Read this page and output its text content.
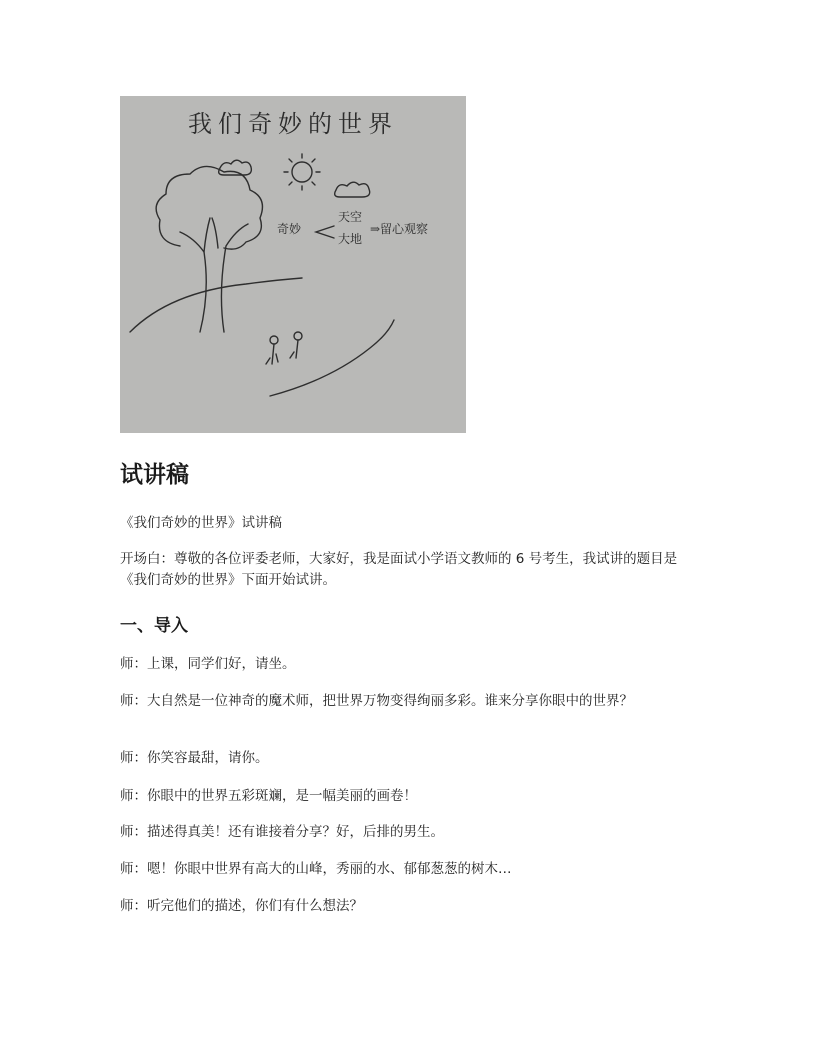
我们奇妙的世界
奇妙
天空
大地
⇒留心观察
试讲稿

《我们奇妙的世界》试讲稿

开场白：尊敬的各位评委老师，大家好，我是面试小学语文教师的 6 号考生，我试讲的题目是《我们奇妙的世界》下面开始试讲。

一、导入

师：上课，同学们好，请坐。

师：大自然是一位神奇的魔术师，把世界万物变得绚丽多彩。谁来分享你眼中的世界？

师：你笑容最甜，请你。

师：你眼中的世界五彩斑斓，是一幅美丽的画卷！

师：描述得真美！还有谁接着分享？好，后排的男生。

师：嗯！你眼中世界有高大的山峰，秀丽的水、郁郁葱葱的树木…

师：听完他们的描述，你们有什么想法？
